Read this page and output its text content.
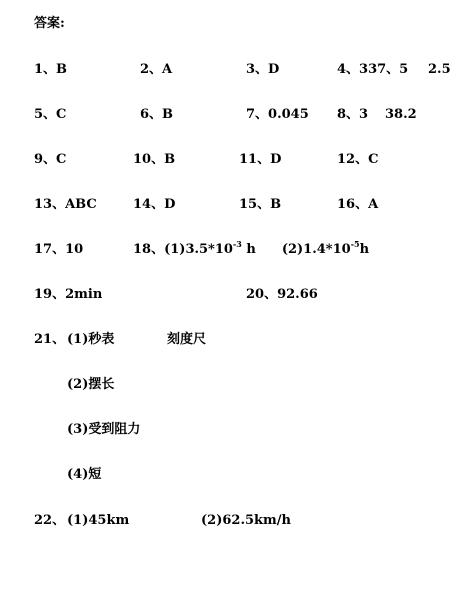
答案:
1、B	2、A	3、D	4、337、5 2.5
5、C	6、B	7、0.045 8、3 38.2
9、C	10、B	11、D	12、C
13、ABC	14、D	15、B	16、A
17、10	18、$(1)3.5*10^{-3}$ h $(2)1.4*10^{-5}h$
19、2min	20、92.66
21、 (1)秒表	刻度尺
(2)摆长
(3)受到阻力
(4)短
22、 (1)45km	(2)62.5km/h
